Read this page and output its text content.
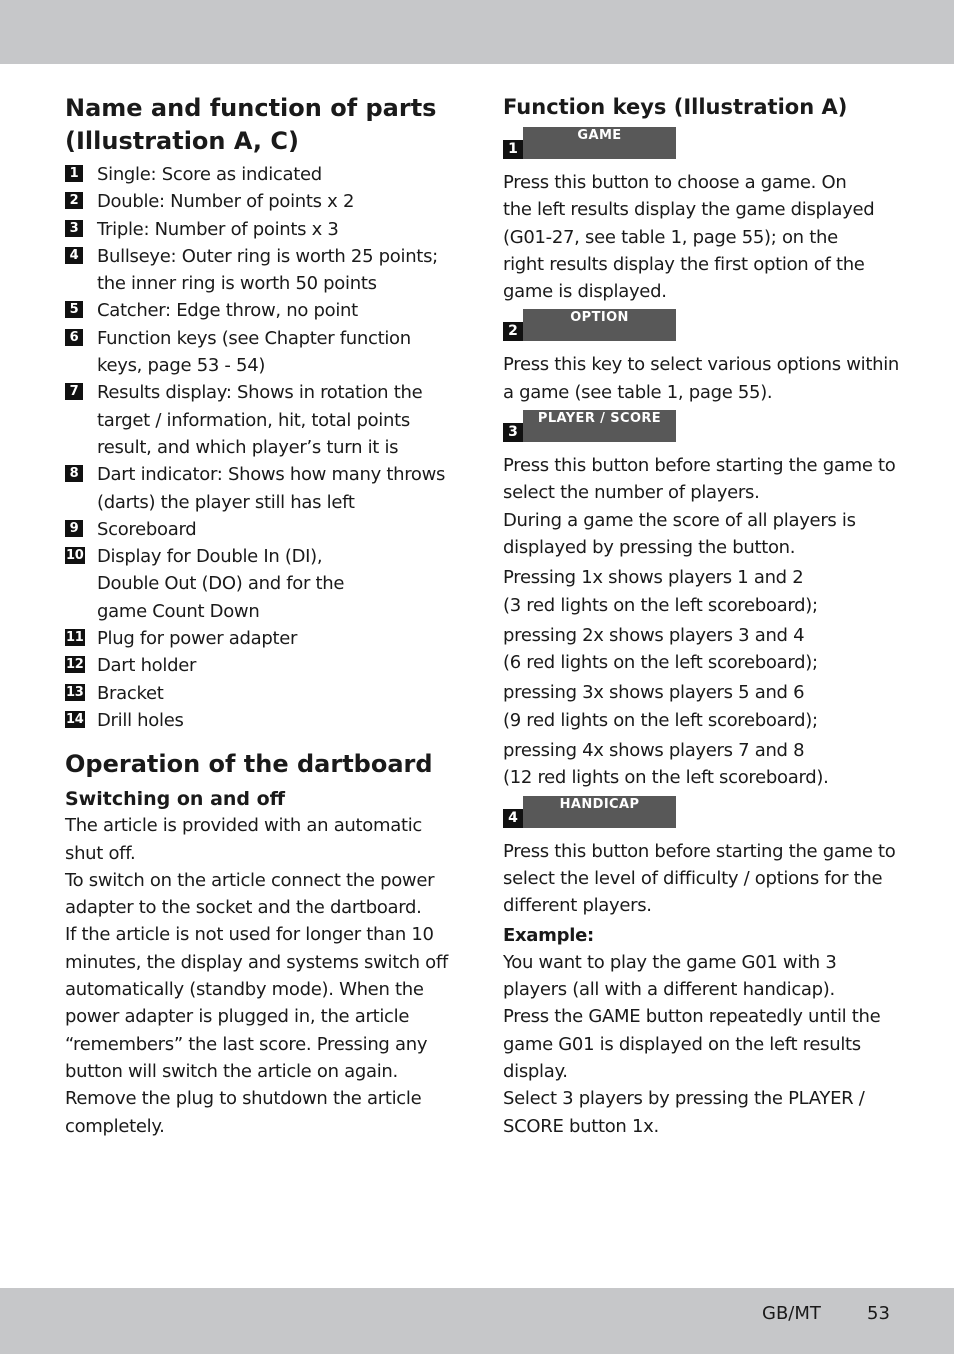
Name and function of parts
(Illustration A, C)
1 Single: Score as indicated
2 Double: Number of points x 2
3 Triple: Number of points x 3
4 Bullseye: Outer ring is worth 25 points;
the inner ring is worth 50 points
5 Catcher: Edge throw, no point
6 Function keys (see Chapter function
keys, page 53 - 54)
7 Results display: Shows in rotation the
target / information, hit, total points
result, and which player’s turn it is
8 Dart indicator: Shows how many throws
(darts) the player still has left
9 Scoreboard
10 Display for Double In (DI),
Double Out (DO) and for the
game Count Down
11 Plug for power adapter
12 Dart holder
13 Bracket
14 Drill holes
Operation of the dartboard
Switching on and off

The article is provided with an automatic
shut off.
To switch on the article connect the power
adapter to the socket and the dartboard.
If the article is not used for longer than 10
minutes, the display and systems switch off
automatically (standby mode). When the
power adapter is plugged in, the article
“remembers” the last score. Pressing any
button will switch the article on again.
Remove the plug to shutdown the article
completely.

Function keys (Illustration A)
1
GAME

Press this button to choose a game. On
the left results display the game displayed
(G01-27, see table 1, page 55); on the
right results display the first option of the
game is displayed.

2
OPTION

Press this key to select various options within
a game (see table 1, page 55).

3
PLAYER / SCORE

Press this button before starting the game to
select the number of players.
During a game the score of all players is
displayed by pressing the button.

Pressing 1x shows players 1 and 2
(3 red lights on the left scoreboard);

pressing 2x shows players 3 and 4
(6 red lights on the left scoreboard);

pressing 3x shows players 5 and 6
(9 red lights on the left scoreboard);

pressing 4x shows players 7 and 8
(12 red lights on the left scoreboard).

4
HANDICAP

Press this button before starting the game to
select the level of difficulty / options for the
different players.

Example:

You want to play the game G01 with 3
players (all with a different handicap).
Press the GAME button repeatedly until the
game G01 is displayed on the left results
display.
Select 3 players by pressing the PLAYER /
SCORE button 1x.

GB/MT	53
